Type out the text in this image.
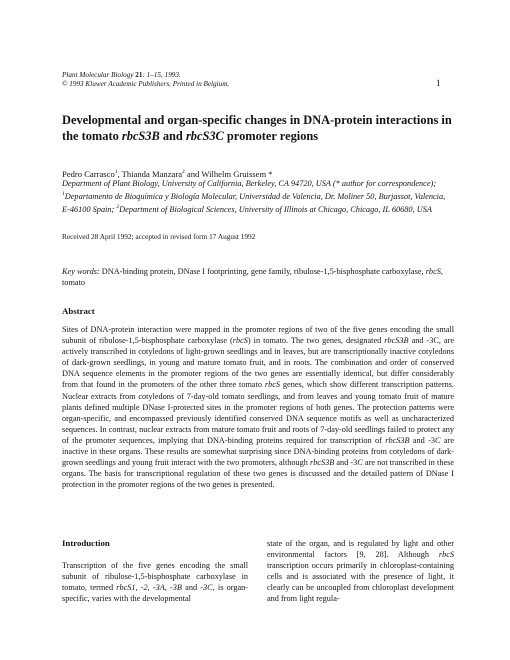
Plant Molecular Biology 21: 1–15, 1993.
© 1993 Kluwer Academic Publishers. Printed in Belgium.	1
Developmental and organ-specific changes in DNA-protein interactions in the tomato rbcS3B and rbcS3C promoter regions
Pedro Carrasco$^1$, Thianda Manzara$^2$ and Wilhelm Gruissem *
Department of Plant Biology, University of California, Berkeley, CA 94720, USA (* author for correspondence); $^1$Departamento de Bioquímica y Biología Molecular, Universidad de Valencia, Dr. Moliner 50, Burjassot, Valencia, E-46100 Spain; $^2$Department of Biological Sciences, University of Illinois at Chicago, Chicago, IL 60680, USA
Received 28 April 1992; accepted in revised form 17 August 1992
Key words: DNA-binding protein, DNase I footprinting, gene family, ribulose-1,5-bisphosphate carboxylase, rbcS, tomato
Abstract
Sites of DNA-protein interaction were mapped in the promoter regions of two of the five genes encoding the small subunit of ribulose-1,5-bisphosphate carboxylase (rbcS) in tomato. The two genes, designated rbcS3B and -3C, are actively transcribed in cotyledons of light-grown seedlings and in leaves, but are transcriptionally inactive cotyledons of dark-grown seedlings, in young and mature tomato fruit, and in roots. The combination and order of conserved DNA sequence elements in the promoter regions of the two genes are essentially identical, but differ considerably from that found in the promoters of the other three tomato rbcS genes, which show different transcription patterns. Nuclear extracts from cotyledons of 7-day-old tomato seedlings, and from leaves and young tomato fruit of mature plants defined multiple DNase I-protected sites in the promoter regions of both genes. The protection patterns were organ-specific, and encompassed previously identified conserved DNA sequence motifs as well as uncharacterized sequences. In contrast, nuclear extracts from mature tomato fruit and roots of 7-day-old seedlings failed to protect any of the promoter sequences, implying that DNA-binding proteins required for transcription of rbcS3B and -3C are inactive in these organs. These results are somewhat surprising since DNA-binding proteins from cotyledons of dark-grown seedlings and young fruit interact with the two promoters, although rbcS3B and -3C are not transcribed in these organs. The basis for transcriptional regulation of these two genes is discussed and the detailed pattern of DNase I protection in the promoter regions of the two genes is presented.
Introduction
Transcription of the five genes encoding the small subunit of ribulose-1,5-bisphosphate carboxylase in tomato, termed rbcS1, -2, -3A, -3B and -3C, is organ-specific, varies with the developmental
state of the organ, and is regulated by light and other environmental factors [9, 28]. Although rbcS transcription occurs primarily in chloroplast-containing cells and is associated with the presence of light, it clearly can be uncoupled from chloroplast development and from light regula-
